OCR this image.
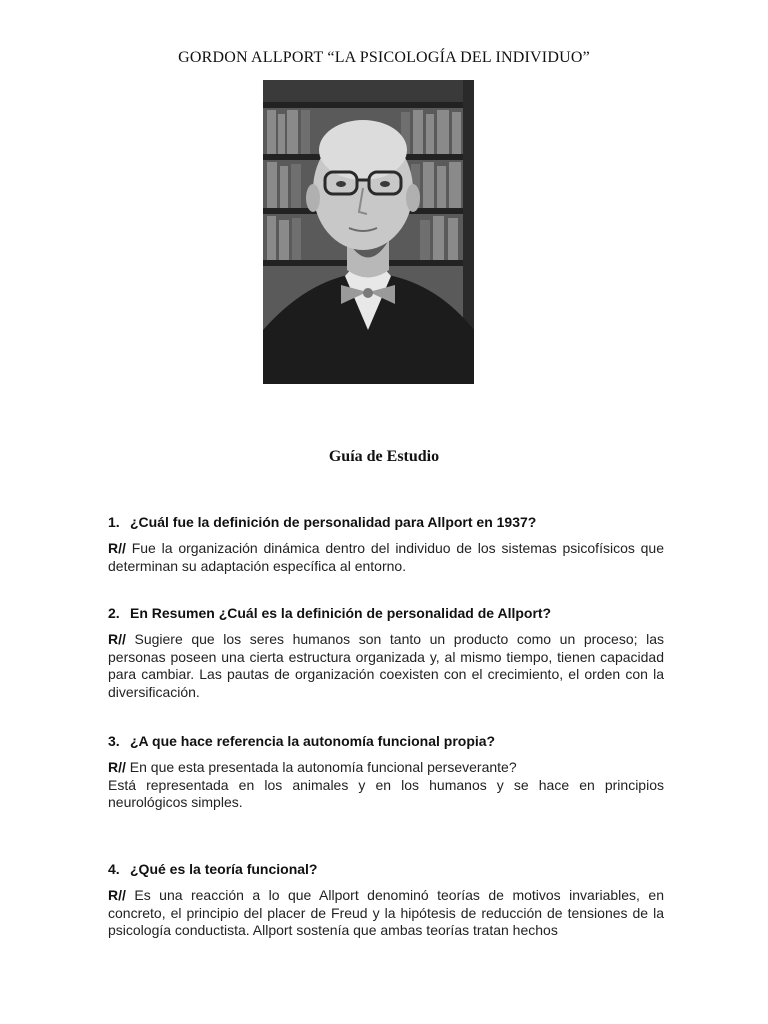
GORDON ALLPORT “LA PSICOLOGÍA DEL INDIVIDUO”
Guía de Estudio

1. ¿Cuál fue la definición de personalidad para Allport en 1937?

R// Fue la organización dinámica dentro del individuo de los sistemas psicofísicos que determinan su adaptación específica al entorno.

2. En Resumen ¿Cuál es la definición de personalidad de Allport?

R// Sugiere que los seres humanos son tanto un producto como un proceso; las personas poseen una cierta estructura organizada y, al mismo tiempo, tienen capacidad para cambiar. Las pautas de organización coexisten con el crecimiento, el orden con la diversificación.

3. ¿A que hace referencia la autonomía funcional propia?

R// En que esta presentada la autonomía funcional perseverante?
Está representada en los animales y en los humanos y se hace en principios neurológicos simples.

4. ¿Qué es la teoría funcional?

R// Es una reacción a lo que Allport denominó teorías de motivos invariables, en concreto, el principio del placer de Freud y la hipótesis de reducción de tensiones de la psicología conductista. Allport sostenía que ambas teorías tratan hechos
